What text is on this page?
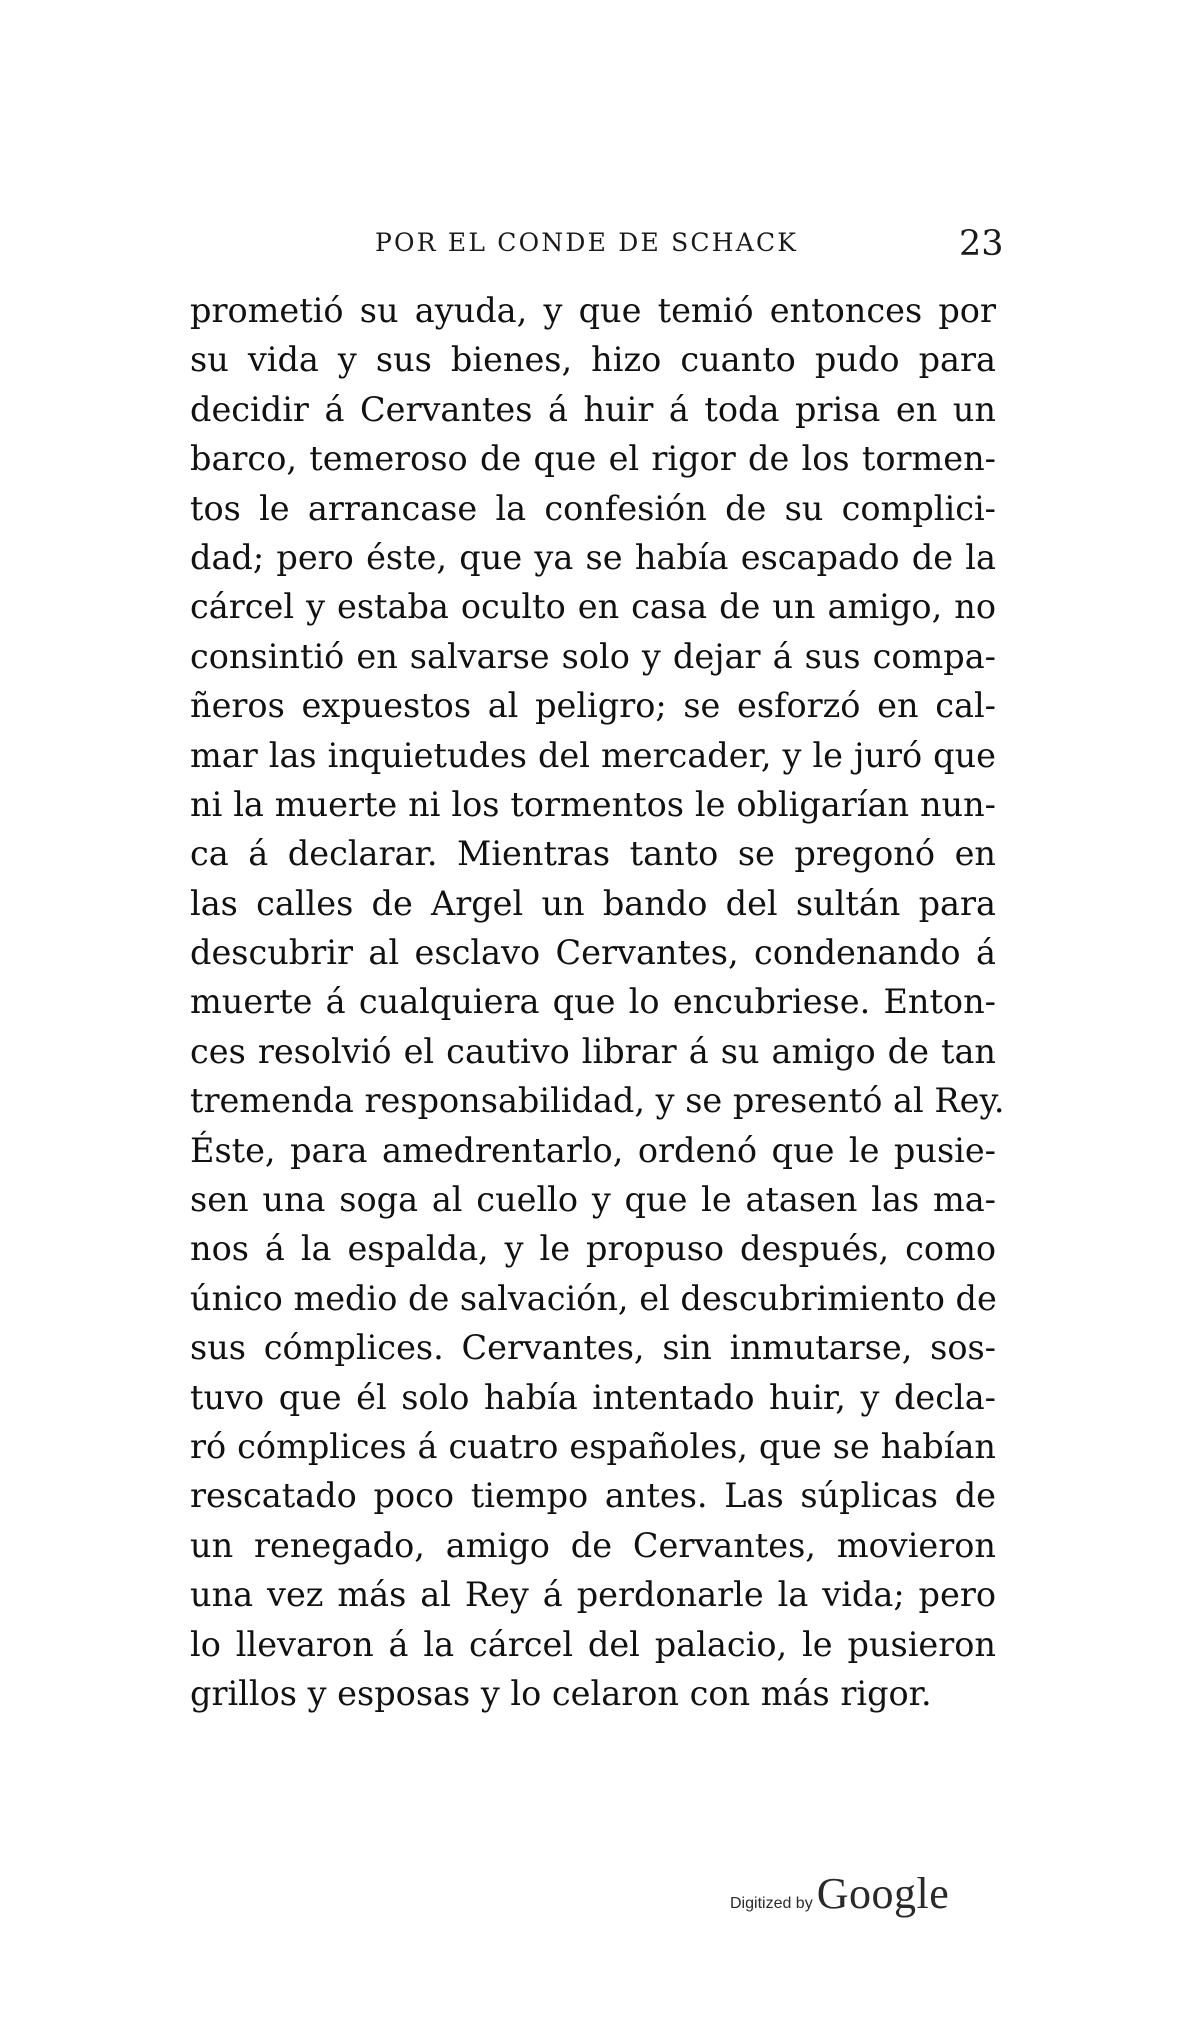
POR EL CONDE DE SCHACK	23
prometió su ayuda, y que temió entonces por
su vida y sus bienes, hizo cuanto pudo para
decidir á Cervantes á huir á toda prisa en un
barco, temeroso de que el rigor de los tormen-
tos le arrancase la confesión de su complici-
dad; pero éste, que ya se había escapado de la
cárcel y estaba oculto en casa de un amigo, no
consintió en salvarse solo y dejar á sus compa-
ñeros expuestos al peligro; se esforzó en cal-
mar las inquietudes del mercader, y le juró que
ni la muerte ni los tormentos le obligarían nun-
ca á declarar. Mientras tanto se pregonó en
las calles de Argel un bando del sultán para
descubrir al esclavo Cervantes, condenando á
muerte á cualquiera que lo encubriese. Enton-
ces resolvió el cautivo librar á su amigo de tan
tremenda responsabilidad, y se presentó al Rey.
Éste, para amedrentarlo, ordenó que le pusie-
sen una soga al cuello y que le atasen las ma-
nos á la espalda, y le propuso después, como
único medio de salvación, el descubrimiento de
sus cómplices. Cervantes, sin inmutarse, sos-
tuvo que él solo había intentado huir, y decla-
ró cómplices á cuatro españoles, que se habían
rescatado poco tiempo antes. Las súplicas de
un renegado, amigo de Cervantes, movieron
una vez más al Rey á perdonarle la vida; pero
lo llevaron á la cárcel del palacio, le pusieron
grillos y esposas y lo celaron con más rigor.
Digitized by Google
